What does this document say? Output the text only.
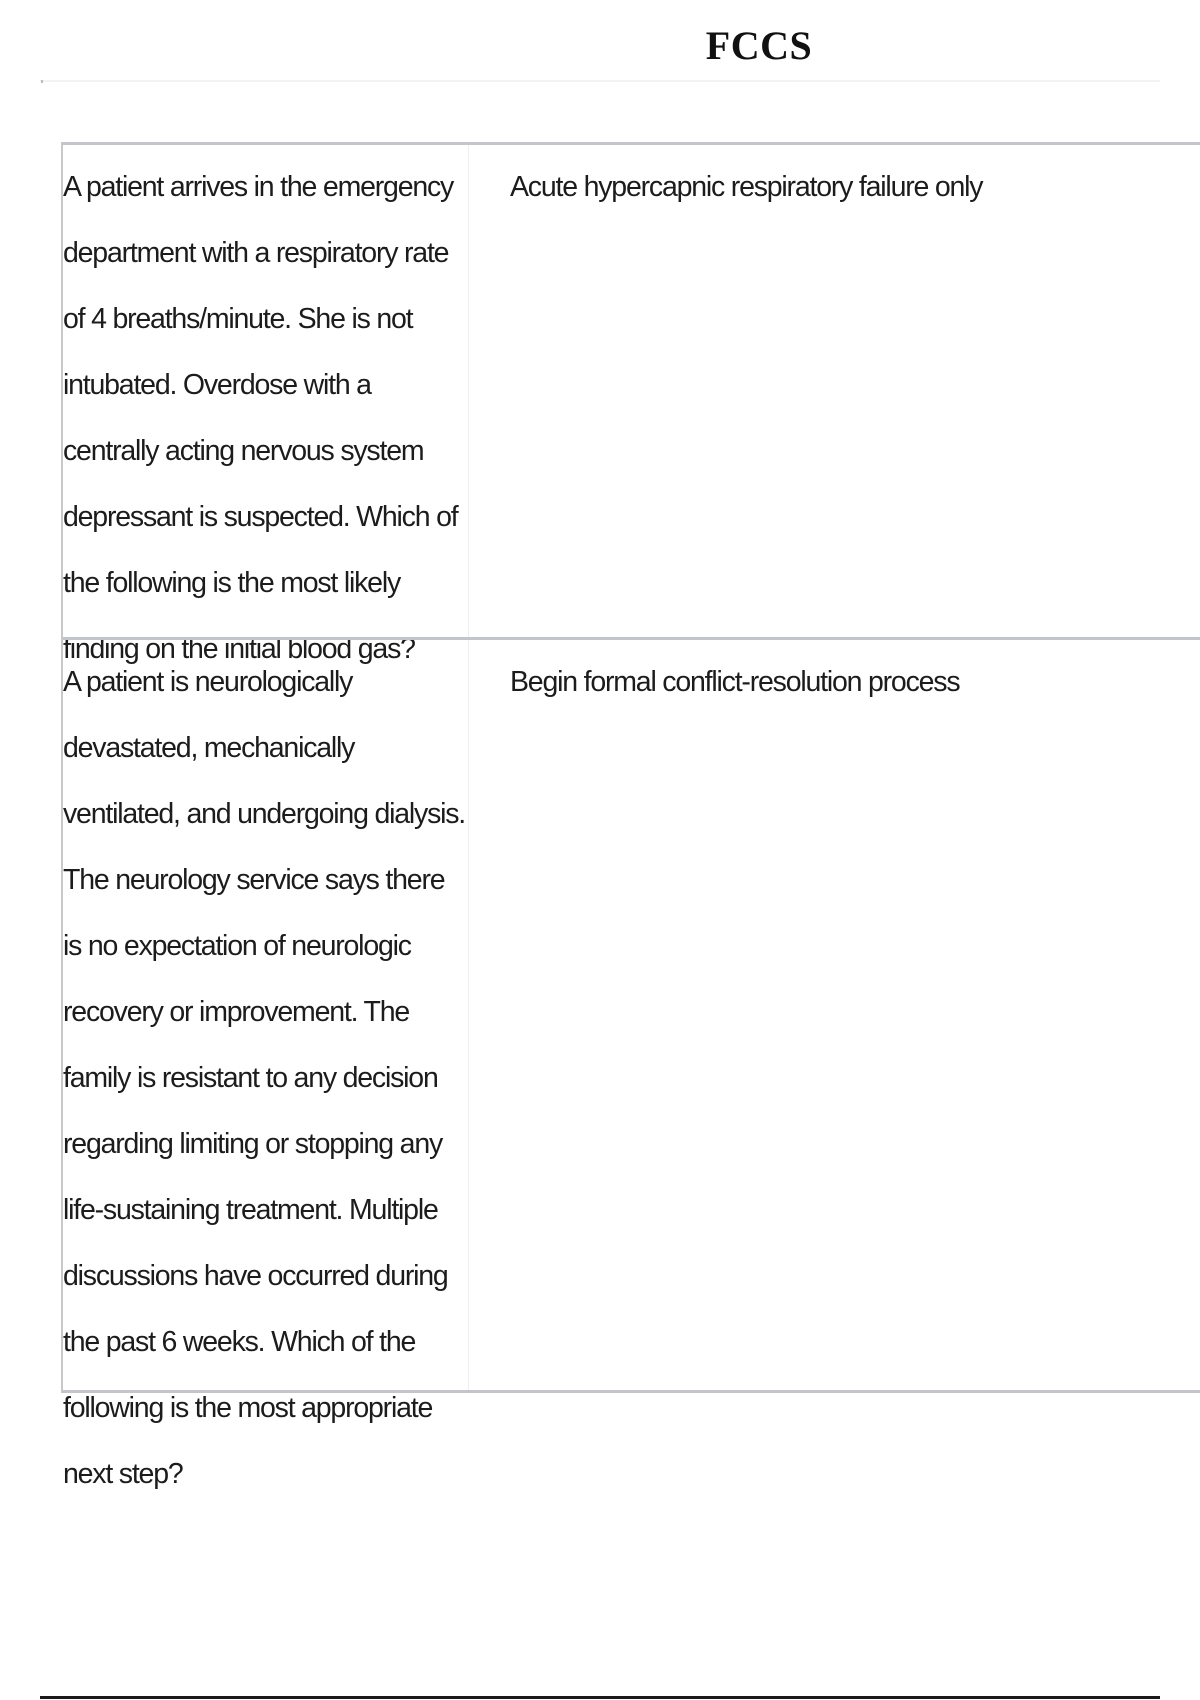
FCCS
A patient arrives in the emergency department with a respiratory rate of 4 breaths/minute. She is not intubated. Overdose with a centrally acting nervous system depressant is suspected. Which of the following is the most likely finding on the initial blood gas?
Acute hypercapnic respiratory failure only
A patient is neurologically devastated, mechanically ventilated, and undergoing dialysis. The neurology service says there is no expectation of neurologic recovery or improvement. The family is resistant to any decision regarding limiting or stopping any life-sustaining treatment. Multiple discussions have occurred during the past 6 weeks. Which of the following is the most appropriate next step?
Begin formal conflict-resolution process
